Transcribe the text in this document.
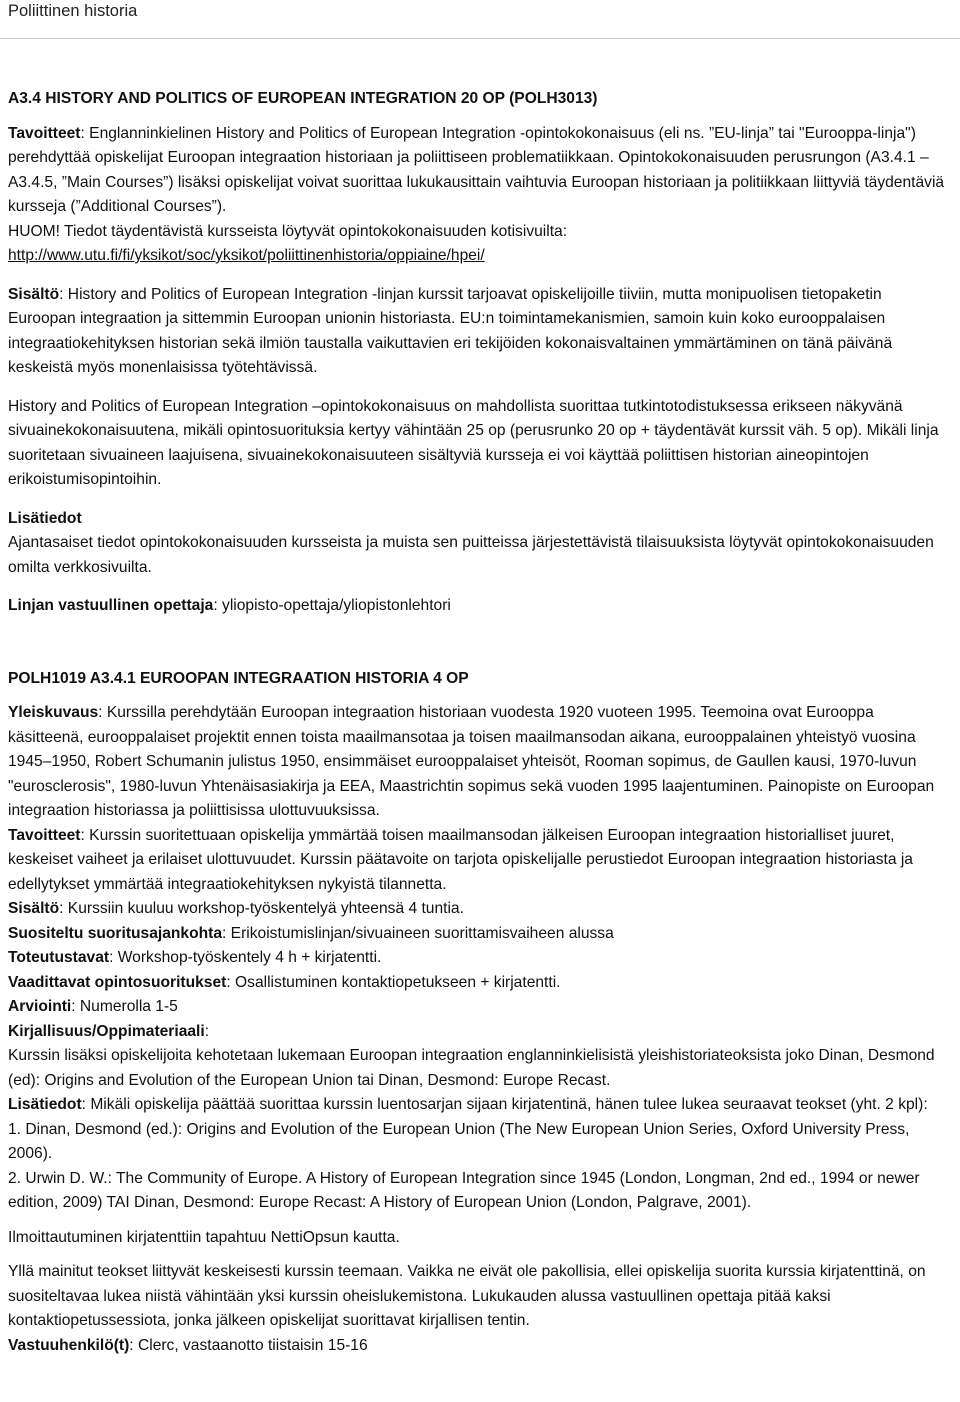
Poliittinen historia

A3.4 HISTORY AND POLITICS OF EUROPEAN INTEGRATION 20 OP (POLH3013)

Tavoitteet: Englanninkielinen History and Politics of European Integration -opintokokonaisuus (eli ns. ”EU-linja” tai "Eurooppa-linja") perehdyttää opiskelijat Euroopan integraation historiaan ja poliittiseen problematiikkaan. Opintokokonaisuuden perusrungon (A3.4.1 – A3.4.5, ”Main Courses”) lisäksi opiskelijat voivat suorittaa lukukausittain vaihtuvia Euroopan historiaan ja politiikkaan liittyviä täydentäviä kursseja (”Additional Courses”).

HUOM! Tiedot täydentävistä kursseista löytyvät opintokokonaisuuden kotisivuilta:
http://www.utu.fi/fi/yksikot/soc/yksikot/poliittinenhistoria/oppiaine/hpei/

Sisältö: History and Politics of European Integration -linjan kurssit tarjoavat opiskelijoille tiiviin, mutta monipuolisen tietopaketin Euroopan integraation ja sittemmin Euroopan unionin historiasta. EU:n toimintamekanismien, samoin kuin koko eurooppalaisen integraatiokehityksen historian sekä ilmiön taustalla vaikuttavien eri tekijöiden kokonaisvaltainen ymmärtäminen on tänä päivänä keskeistä myös monenlaisissa työtehtävissä.

History and Politics of European Integration –opintokokonaisuus on mahdollista suorittaa tutkintotodistuksessa erikseen näkyvänä sivuainekokonaisuutena, mikäli opintosuorituksia kertyy vähintään 25 op (perusrunko 20 op + täydentävät kurssit väh. 5 op). Mikäli linja suoritetaan sivuaineen laajuisena, sivuainekokonaisuuteen sisältyviä kursseja ei voi käyttää poliittisen historian aineopintojen erikoistumisopintoihin.

Lisätiedot

Ajantasaiset tiedot opintokokonaisuuden kursseista ja muista sen puitteissa järjestettävistä tilaisuuksista löytyvät opintokokonaisuuden omilta verkkosivuilta.

Linjan vastuullinen opettaja: yliopisto-opettaja/yliopistonlehtori

POLH1019 A3.4.1 EUROOPAN INTEGRAATION HISTORIA 4 OP

Yleiskuvaus: Kurssilla perehdytään Euroopan integraation historiaan vuodesta 1920 vuoteen 1995. Teemoina ovat Eurooppa käsitteenä, eurooppalaiset projektit ennen toista maailmansotaa ja toisen maailmansodan aikana, eurooppalainen yhteistyö vuosina 1945–1950, Robert Schumanin julistus 1950, ensimmäiset eurooppalaiset yhteisöt, Rooman sopimus, de Gaullen kausi, 1970-luvun "eurosclerosis", 1980-luvun Yhtenäisasiakirja ja EEA, Maastrichtin sopimus sekä vuoden 1995 laajentuminen. Painopiste on Euroopan integraation historiassa ja poliittisissa ulottuvuuksissa.

Tavoitteet: Kurssin suoritettuaan opiskelija ymmärtää toisen maailmansodan jälkeisen Euroopan integraation historialliset juuret, keskeiset vaiheet ja erilaiset ulottuvuudet. Kurssin päätavoite on tarjota opiskelijalle perustiedot Euroopan integraation historiasta ja edellytykset ymmärtää integraatiokehityksen nykyistä tilannetta.

Sisältö: Kurssiin kuuluu workshop-työskentelyä yhteensä 4 tuntia.

Suositeltu suoritusajankohta: Erikoistumislinjan/sivuaineen suorittamisvaiheen alussa

Toteutustavat: Workshop-työskentely 4 h + kirjatentti.

Vaadittavat opintosuoritukset: Osallistuminen kontaktiopetukseen + kirjatentti.

Arviointi: Numerolla 1-5

Kirjallisuus/Oppimateriaali:

Kurssin lisäksi opiskelijoita kehotetaan lukemaan Euroopan integraation englanninkielisistä yleishistoriateoksista joko Dinan, Desmond (ed): Origins and Evolution of the European Union tai Dinan, Desmond: Europe Recast.

Lisätiedot: Mikäli opiskelija päättää suorittaa kurssin luentosarjan sijaan kirjatentinä, hänen tulee lukea seuraavat teokset (yht. 2 kpl):

1. Dinan, Desmond (ed.): Origins and Evolution of the European Union (The New European Union Series, Oxford University Press, 2006).

2. Urwin D. W.: The Community of Europe. A History of European Integration since 1945 (London, Longman, 2nd ed., 1994 or newer edition, 2009) TAI Dinan, Desmond: Europe Recast: A History of European Union (London, Palgrave, 2001).

Ilmoittautuminen kirjatenttiin tapahtuu NettiOpsun kautta.

Yllä mainitut teokset liittyvät keskeisesti kurssin teemaan. Vaikka ne eivät ole pakollisia, ellei opiskelija suorita kurssia kirjatenttinä, on suositeltavaa lukea niistä vähintään yksi kurssin oheislukemistona. Lukukauden alussa vastuullinen opettaja pitää kaksi kontaktiopetussessiota, jonka jälkeen opiskelijat suorittavat kirjallisen tentin.

Vastuuhenkilö(t): Clerc, vastaanotto tiistaisin 15-16
